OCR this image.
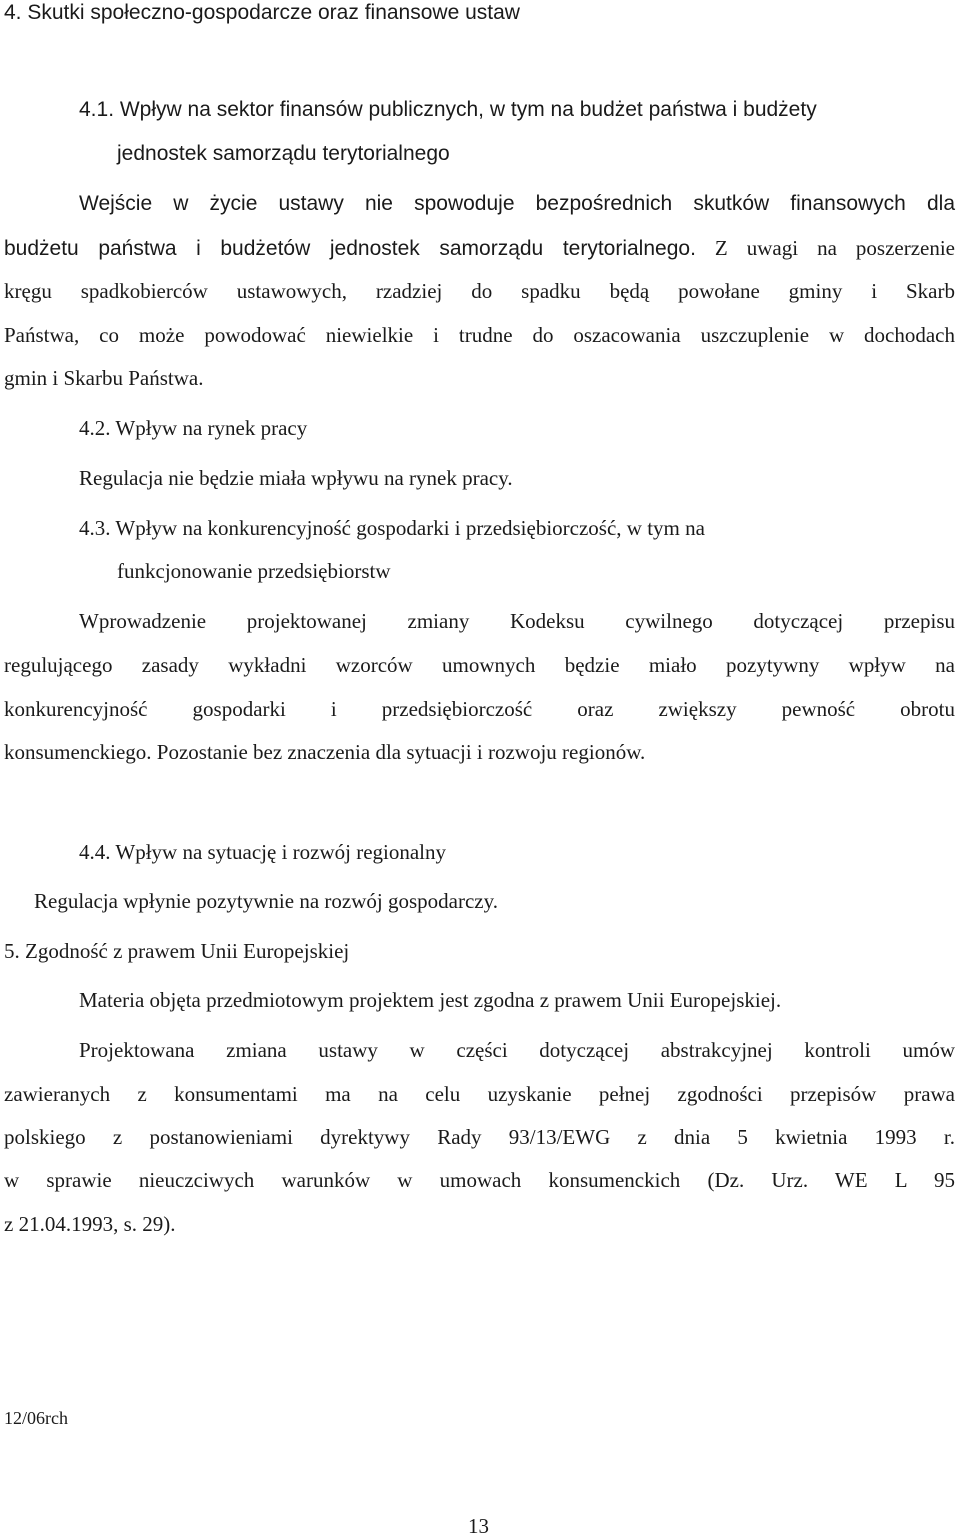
4. Skutki społeczno-gospodarcze oraz finansowe ustaw
4.1. Wpływ na sektor finansów publicznych, w tym na budżet państwa i budżety
jednostek samorządu terytorialnego
Wejście w życie ustawy nie spowoduje bezpośrednich skutków finansowych dla
budżetu państwa i budżetów jednostek samorządu terytorialnego. Z uwagi na poszerzenie
kręgu spadkobierców ustawowych, rzadziej do spadku będą powołane gminy i Skarb
Państwa, co może powodować niewielkie i trudne do oszacowania uszczuplenie w dochodach
gmin i Skarbu Państwa.
4.2. Wpływ na rynek pracy
Regulacja nie będzie miała wpływu na rynek pracy.
4.3. Wpływ na konkurencyjność gospodarki i przedsiębiorczość, w tym na
funkcjonowanie przedsiębiorstw
Wprowadzenie projektowanej zmiany Kodeksu cywilnego dotyczącej przepisu
regulującego zasady wykładni wzorców umownych będzie miało pozytywny wpływ na
konkurencyjność gospodarki i przedsiębiorczość oraz zwiększy pewność obrotu
konsumenckiego. Pozostanie bez znaczenia dla sytuacji i rozwoju regionów.
4.4. Wpływ na sytuację i rozwój regionalny
Regulacja wpłynie pozytywnie na rozwój gospodarczy.
5. Zgodność z prawem Unii Europejskiej
Materia objęta przedmiotowym projektem jest zgodna z prawem Unii Europejskiej.
Projektowana zmiana ustawy w części dotyczącej abstrakcyjnej kontroli umów
zawieranych z konsumentami ma na celu uzyskanie pełnej zgodności przepisów prawa
polskiego z postanowieniami dyrektywy Rady 93/13/EWG z dnia 5 kwietnia 1993 r.
w sprawie nieuczciwych warunków w umowach konsumenckich (Dz. Urz. WE L 95
z 21.04.1993, s. 29).
12/06rch
13
